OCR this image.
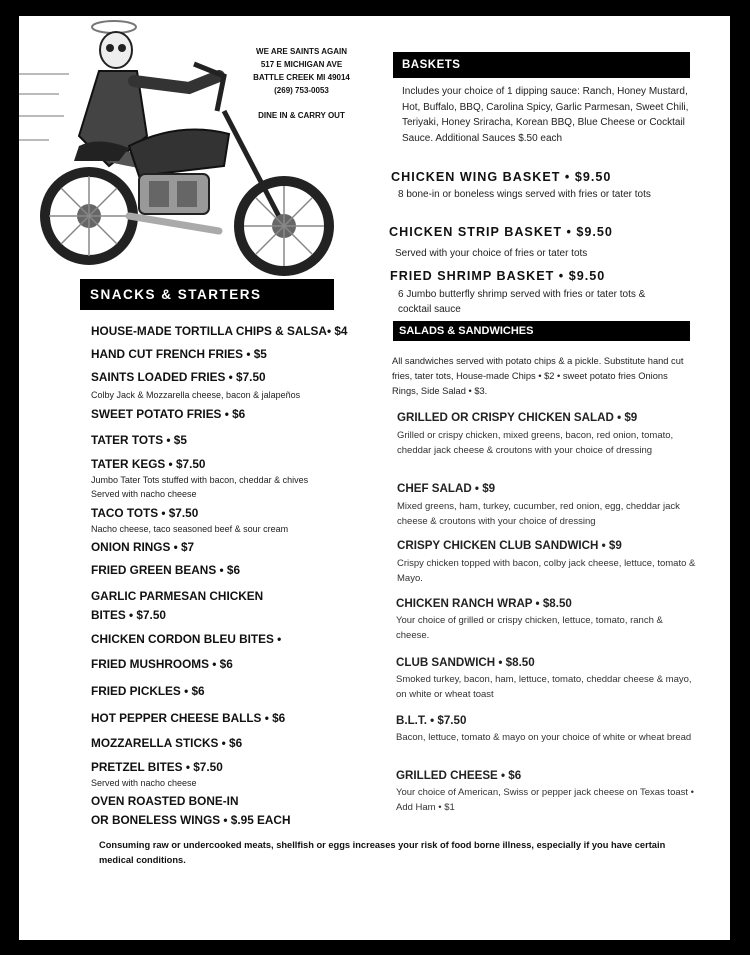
WE ARE SAINTS AGAIN
517 E MICHIGAN AVE
BATTLE CREEK MI 49014
(269) 753-0053
DINE IN & CARRY OUT
SNACKS & STARTERS
HOUSE-MADE TORTILLA CHIPS & SALSA• $4
HAND CUT FRENCH FRIES • $5
SAINTS LOADED FRIES • $7.50
Colby Jack & Mozzarella cheese, bacon & jalapeños
SWEET POTATO FRIES • $6
TATER TOTS • $5
TATER KEGS • $7.50
Jumbo Tater Tots stuffed with bacon, cheddar & chives
Served with nacho cheese
TACO TOTS • $7.50
Nacho cheese, taco seasoned beef & sour cream
ONION RINGS • $7
FRIED GREEN BEANS • $6
GARLIC PARMESAN CHICKEN
BITES • $7.50
CHICKEN CORDON BLEU BITES •
FRIED MUSHROOMS • $6
FRIED PICKLES • $6
HOT PEPPER CHEESE BALLS • $6
MOZZARELLA STICKS • $6
PRETZEL BITES • $7.50
Served with nacho cheese
OVEN ROASTED BONE-IN
OR BONELESS WINGS • $.95 EACH
BASKETS
Includes your choice of 1 dipping sauce: Ranch, Honey Mustard, Hot, Buffalo, BBQ, Carolina Spicy, Garlic Parmesan, Sweet Chili, Teriyaki, Honey Sriracha, Korean BBQ, Blue Cheese or Cocktail Sauce. Additional Sauces $.50 each
CHICKEN WING BASKET • $9.50
8 bone-in or boneless wings served with fries or tater tots
CHICKEN STRIP BASKET • $9.50
Served with your choice of fries or tater tots
FRIED SHRIMP BASKET • $9.50
6 Jumbo butterfly shrimp served with fries or tater tots & cocktail sauce
SALADS & SANDWICHES
All sandwiches served with potato chips & a pickle. Substitute hand cut fries, tater tots, House-made Chips • $2 • sweet potato fries Onions Rings, Side Salad • $3.
GRILLED OR CRISPY CHICKEN SALAD • $9
Grilled or crispy chicken, mixed greens, bacon, red onion, tomato, cheddar jack cheese & croutons with your choice of dressing
CHEF SALAD • $9
Mixed greens, ham, turkey, cucumber, red onion, egg, cheddar jack cheese & croutons with your choice of dressing
CRISPY CHICKEN CLUB SANDWICH • $9
Crispy chicken topped with bacon, colby jack cheese, lettuce, tomato & Mayo.
CHICKEN RANCH WRAP • $8.50
Your choice of grilled or crispy chicken, lettuce, tomato, ranch & cheese.
CLUB SANDWICH • $8.50
Smoked turkey, bacon, ham, lettuce, tomato, cheddar cheese & mayo, on white or wheat toast
B.L.T. • $7.50
Bacon, lettuce, tomato & mayo on your choice of white or wheat bread
GRILLED CHEESE • $6
Your choice of American, Swiss or pepper jack cheese on Texas toast • Add Ham • $1
Consuming raw or undercooked meats, shellfish or eggs increases your risk of food borne illness, especially if you have certain medical conditions.
